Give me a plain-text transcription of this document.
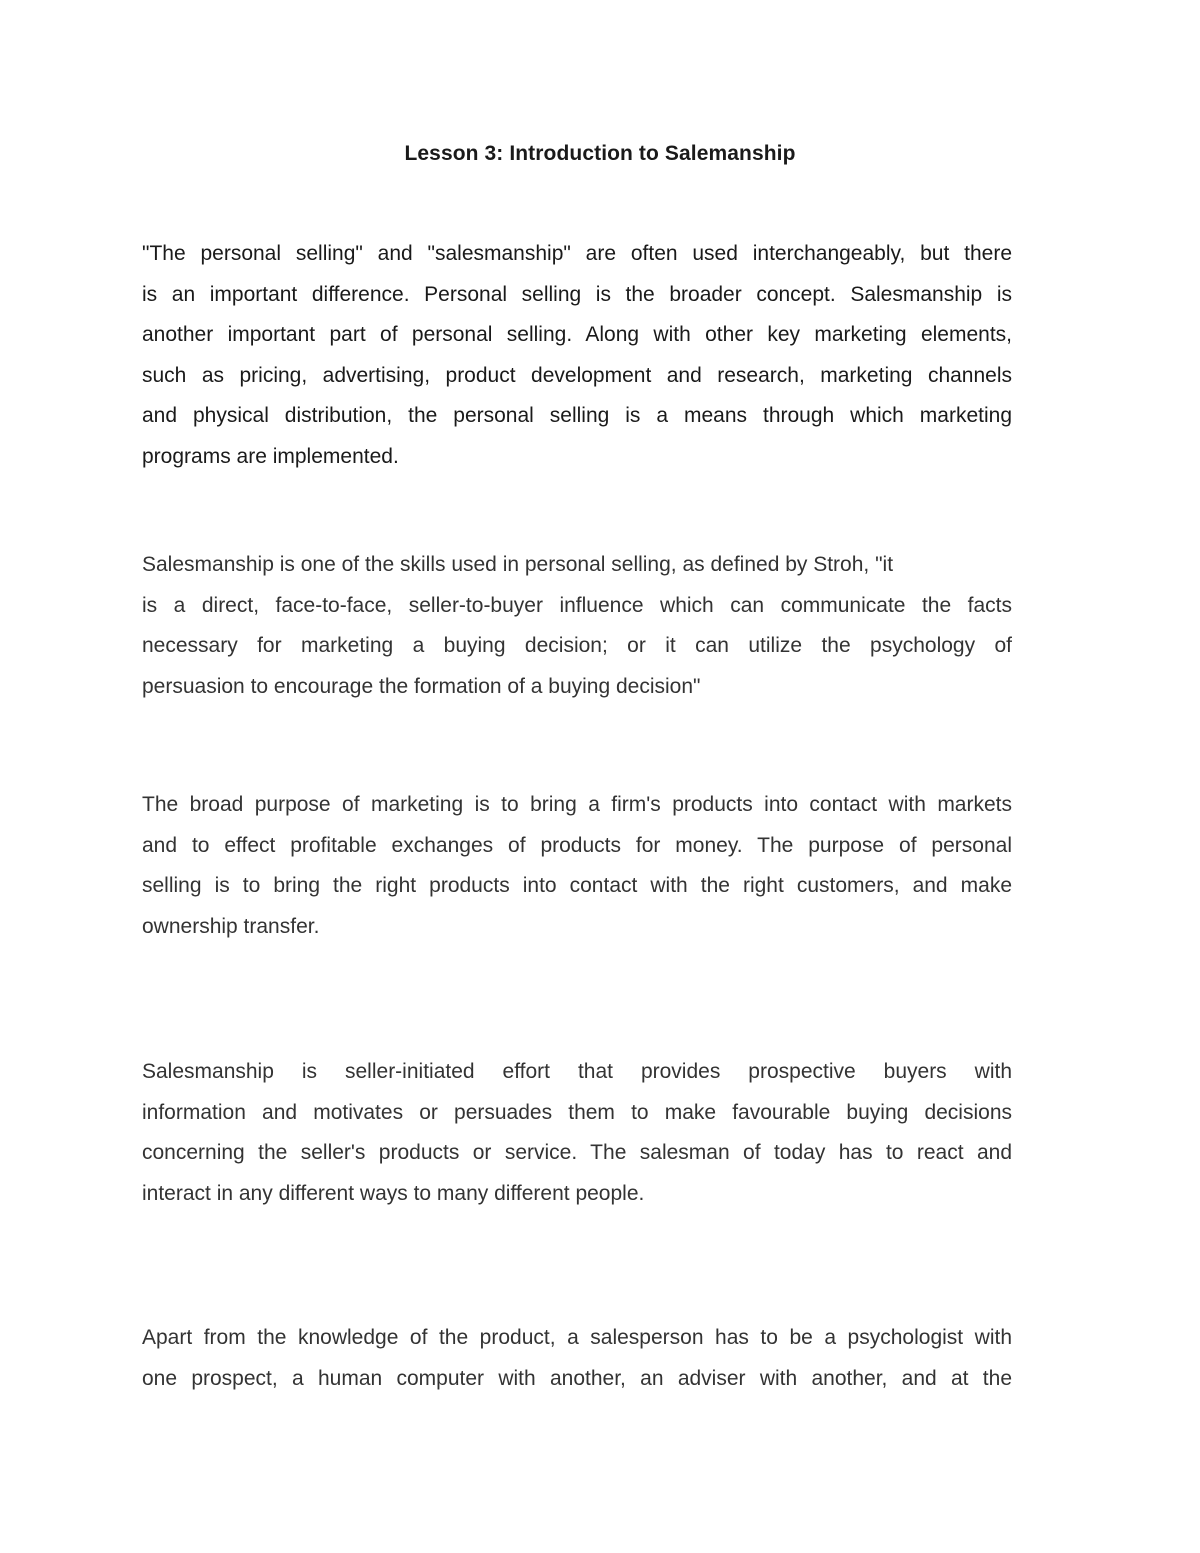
Lesson 3: Introduction to Salemanship
"The personal selling" and "salesmanship" are often used interchangeably, but there
is an important difference. Personal selling is the broader concept. Salesmanship is
another important part of personal selling. Along with other key marketing elements,
such as pricing, advertising, product development and research, marketing channels
and physical distribution, the personal selling is a means through which marketing
programs are implemented.
Salesmanship is one of the skills used in personal selling, as defined by Stroh, "it
is a direct, face-to-face, seller-to-buyer influence which can communicate the facts
necessary for marketing a buying decision; or it can utilize the psychology of
persuasion to encourage the formation of a buying decision"
The broad purpose of marketing is to bring a firm's products into contact with markets
and to effect profitable exchanges of products for money. The purpose of personal
selling is to bring the right products into contact with the right customers, and make
ownership transfer.
Salesmanship is seller-initiated effort that provides prospective buyers with
information and motivates or persuades them to make favourable buying decisions
concerning the seller's products or service. The salesman of today has to react and
interact in any different ways to many different people.
Apart from the knowledge of the product, a salesperson has to be a psychologist with
one prospect, a human computer with another, an adviser with another, and at the
